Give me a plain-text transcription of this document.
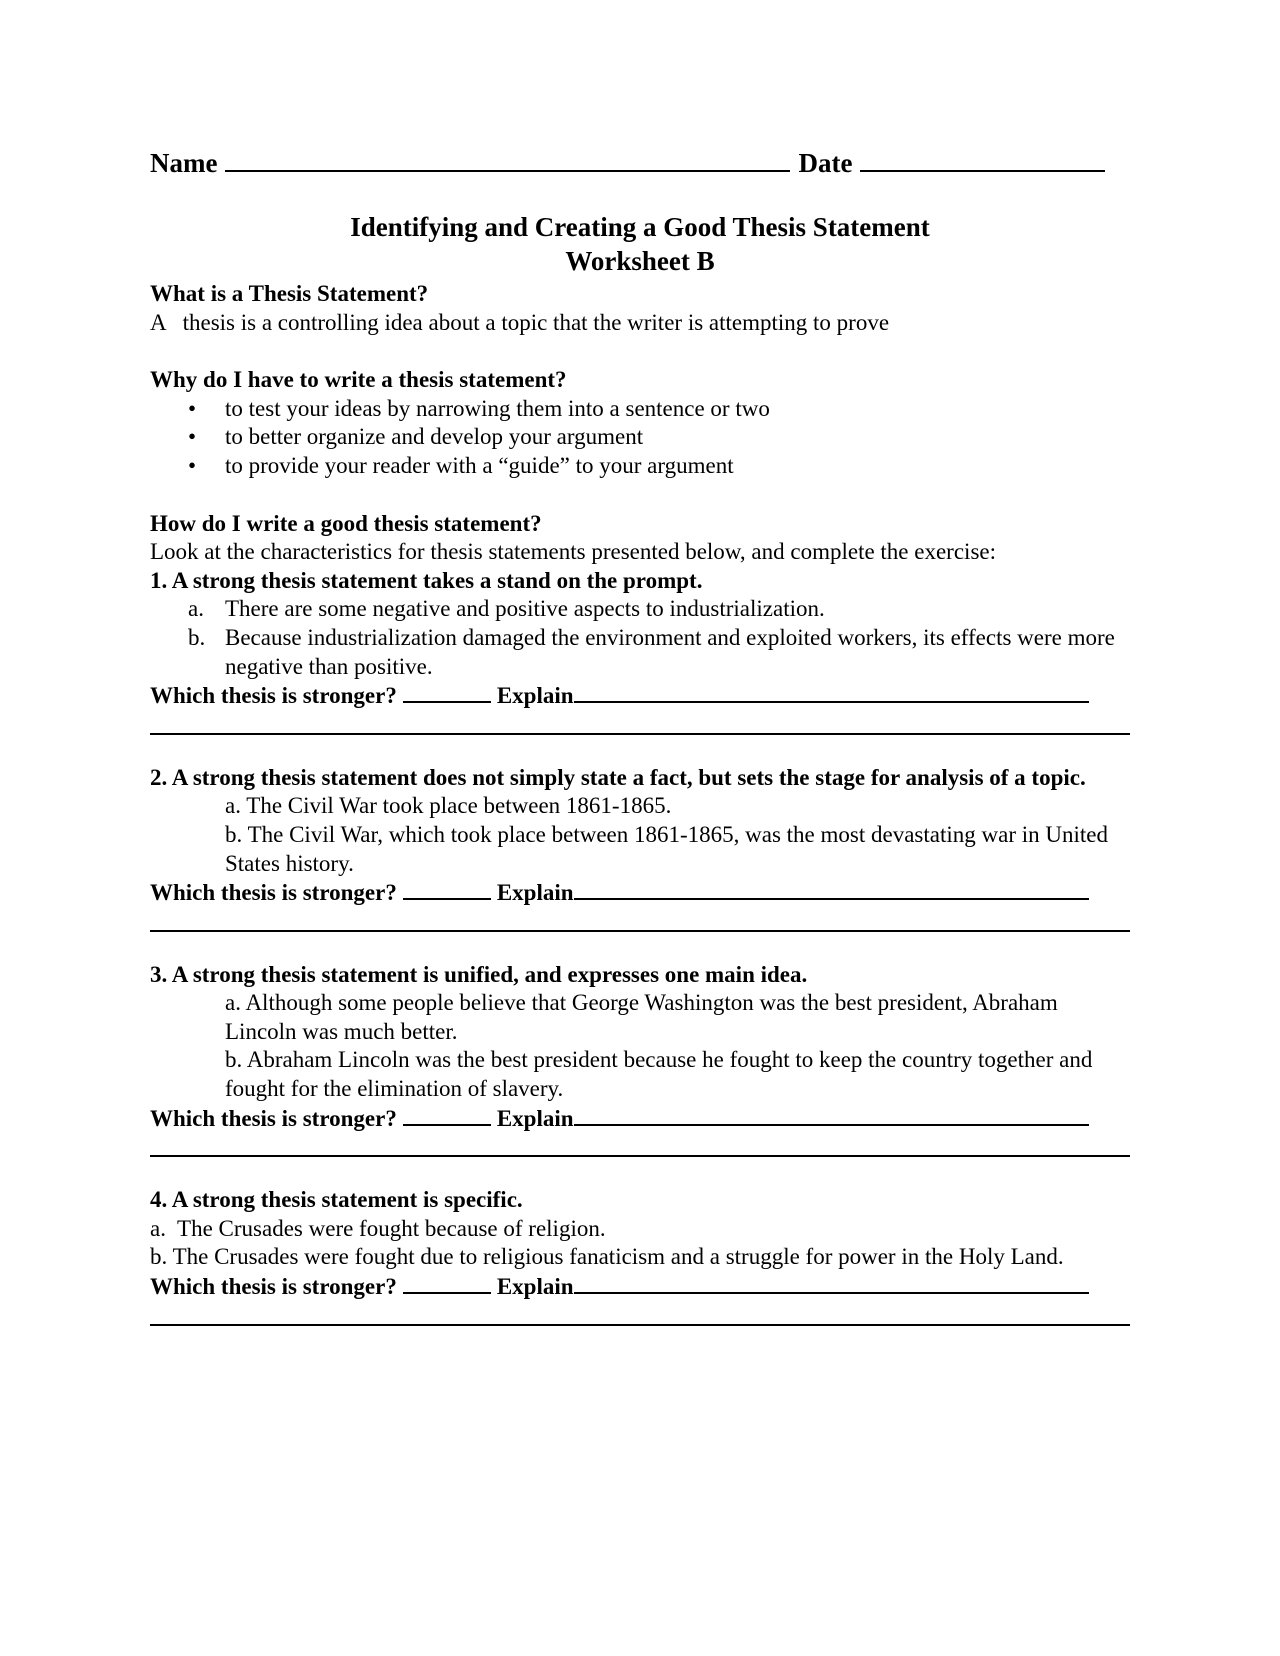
Name	Date
Identifying and Creating a Good Thesis Statement
Worksheet B
What is a Thesis Statement?
A   thesis is a controlling idea about a topic that the writer is attempting to prove
Why do I have to write a thesis statement?
• to test your ideas by narrowing them into a sentence or two
• to better organize and develop your argument
• to provide your reader with a “guide” to your argument
How do I write a good thesis statement?
Look at the characteristics for thesis statements presented below, and complete the exercise:
1. A strong thesis statement takes a stand on the prompt.
a. There are some negative and positive aspects to industrialization.
b. Because industrialization damaged the environment and exploited workers, its effects were more negative than positive.
Which thesis is stronger?	Explain
2. A strong thesis statement does not simply state a fact, but sets the stage for analysis of a topic.
a. The Civil War took place between 1861-1865.
b. The Civil War, which took place between 1861-1865, was the most devastating war in United States history.
Which thesis is stronger?	Explain
3. A strong thesis statement is unified, and expresses one main idea.
a. Although some people believe that George Washington was the best president, Abraham Lincoln was much better.
b. Abraham Lincoln was the best president because he fought to keep the country together and fought for the elimination of slavery.
Which thesis is stronger?	Explain
4. A strong thesis statement is specific.
a.  The Crusades were fought because of religion.
b. The Crusades were fought due to religious fanaticism and a struggle for power in the Holy Land.
Which thesis is stronger?	Explain
